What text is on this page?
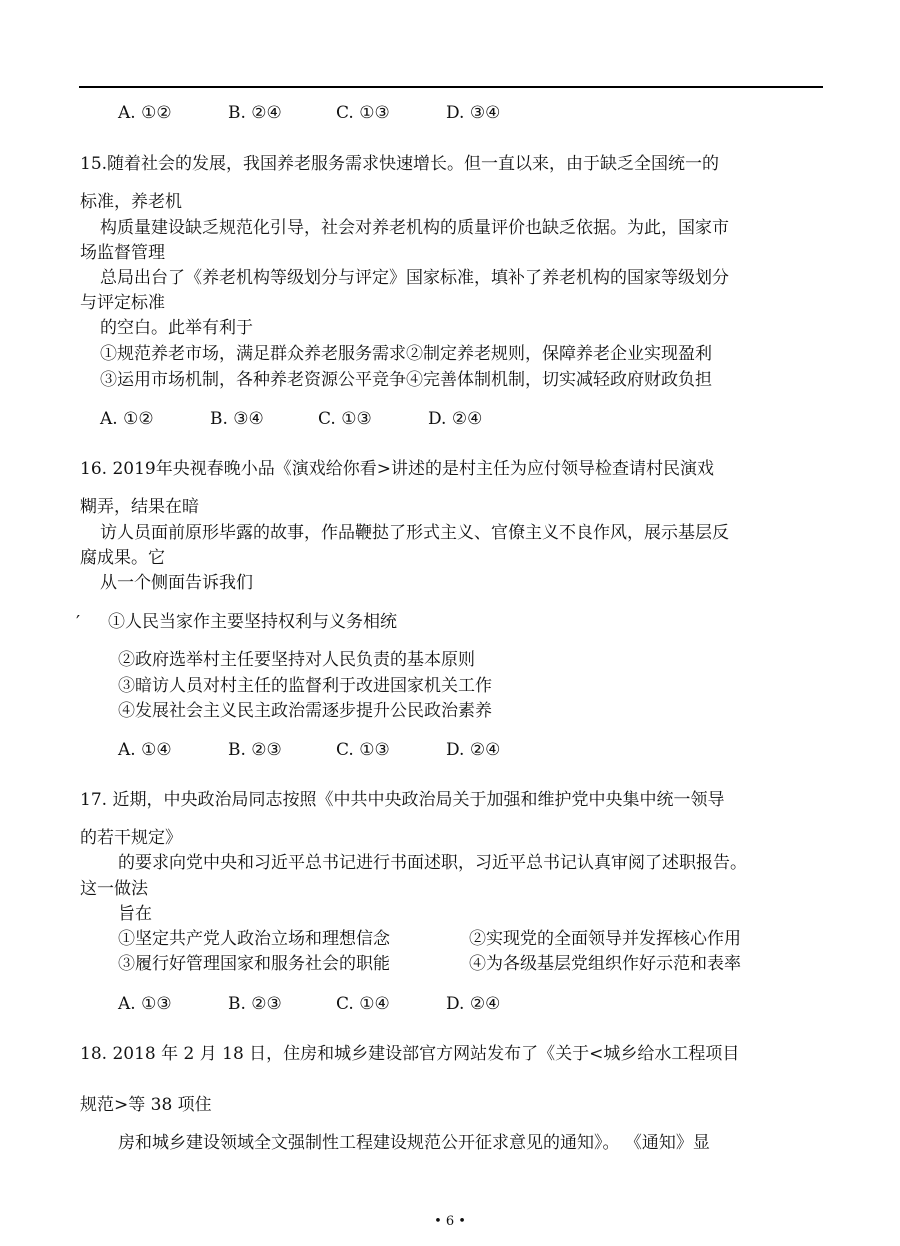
A. ①②	B. ②④	C. ①③	D. ③④
15.随着社会的发展，我国养老服务需求快速增长。但一直以来，由于缺乏全国统一的
标准，养老机
构质量建设缺乏规范化引导，社会对养老机构的质量评价也缺乏依据。为此，国家市
场监督管理
总局出台了《养老机构等级划分与评定》国家标准，填补了养老机构的国家等级划分
与评定标准
的空白。此举有利于
①规范养老市场，满足群众养老服务需求②制定养老规则，保障养老企业实现盈利
③运用市场机制，各种养老资源公平竞争④完善体制机制，切实减轻政府财政负担
A. ①②	B. ③④	C. ①③	D. ②④
16. 2019年央视春晚小品《演戏给你看>讲述的是村主任为应付领导检查请村民演戏
糊弄，结果在暗
访人员面前原形毕露的故事，作品鞭挞了形式主义、官僚主义不良作风，展示基层反
腐成果。它
从一个侧面告诉我们
′ ①人民当家作主要坚持权利与义务相统
②政府选举村主任要坚持对人民负责的基本原则
③暗访人员对村主任的监督利于改进国家机关工作
④发展社会主义民主政治需逐步提升公民政治素养
A. ①④	B. ②③	C. ①③	D. ②④
17. 近期，中央政治局同志按照《中共中央政治局关于加强和维护党中央集中统一领导
的若干规定》
的要求向党中央和习近平总书记进行书面述职，习近平总书记认真审阅了述职报告。
这一做法
旨在
①坚定共产党人政治立场和理想信念	②实现党的全面领导并发挥核心作用
③履行好管理国家和服务社会的职能	④为各级基层党组织作好示范和表率
A. ①③	B. ②③	C. ①④	D. ②④
18. 2018 年 2 月 18 日，住房和城乡建设部官方网站发布了《关于<城乡给水工程项目
规范>等 38 项住
房和城乡建设领域全文强制性工程建设规范公开征求意见的通知》。 《通知》显
• 6 •
